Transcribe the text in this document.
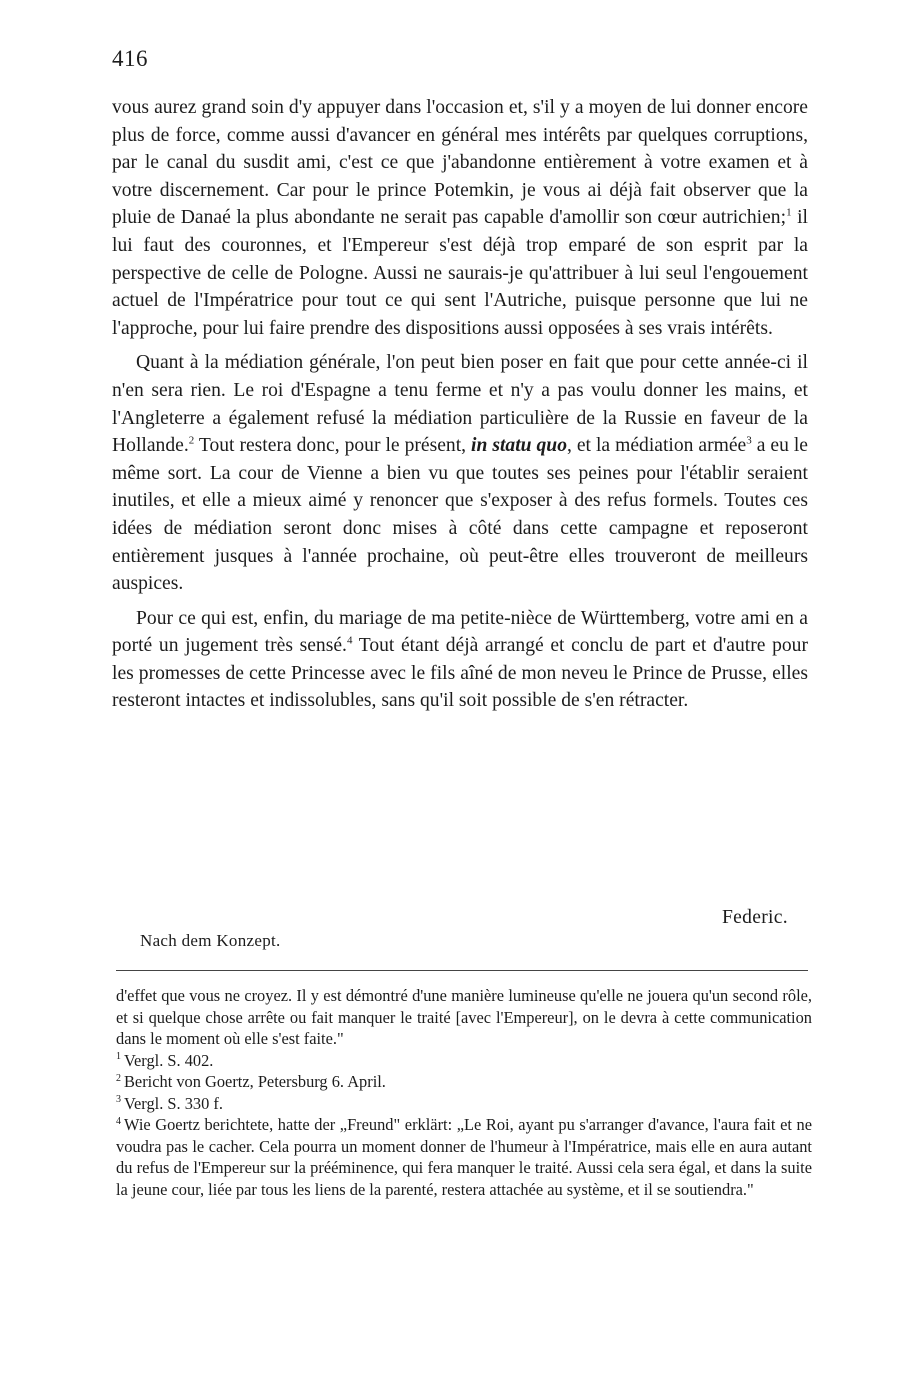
416

vous aurez grand soin d'y appuyer dans l'occasion et, s'il y a moyen de lui donner encore plus de force, comme aussi d'avancer en général mes intérêts par quelques corruptions, par le canal du susdit ami, c'est ce que j'abandonne entièrement à votre examen et à votre discernement. Car pour le prince Potemkin, je vous ai déjà fait observer que la pluie de Danaé la plus abondante ne serait pas capable d'amollir son cœur autrichien;$^1$ il lui faut des couronnes, et l'Empereur s'est déjà trop emparé de son esprit par la perspective de celle de Pologne. Aussi ne saurais-je qu'attribuer à lui seul l'engouement actuel de l'Impératrice pour tout ce qui sent l'Autriche, puisque personne que lui ne l'approche, pour lui faire prendre des dispositions aussi opposées à ses vrais intérêts.

Quant à la médiation générale, l'on peut bien poser en fait que pour cette année-ci il n'en sera rien. Le roi d'Espagne a tenu ferme et n'y a pas voulu donner les mains, et l'Angleterre a également refusé la médiation particulière de la Russie en faveur de la Hollande.$^2$ Tout restera donc, pour le présent, in statu quo, et la médiation armée$^3$ a eu le même sort. La cour de Vienne a bien vu que toutes ses peines pour l'établir seraient inutiles, et elle a mieux aimé y renoncer que s'exposer à des refus formels. Toutes ces idées de médiation seront donc mises à côté dans cette campagne et reposeront entièrement jusques à l'année prochaine, où peut-être elles trouveront de meilleurs auspices.

Pour ce qui est, enfin, du mariage de ma petite-nièce de Württemberg, votre ami en a porté un jugement très sensé.$^4$ Tout étant déjà arrangé et conclu de part et d'autre pour les promesses de cette Princesse avec le fils aîné de mon neveu le Prince de Prusse, elles resteront intactes et indissolubles, sans qu'il soit possible de s'en rétracter.

Federic.
Nach dem Konzept.

d'effet que vous ne croyez. Il y est démontré d'une manière lumineuse qu'elle ne jouera qu'un second rôle, et si quelque chose arrête ou fait manquer le traité [avec l'Empereur], on le devra à cette communication dans le moment où elle s'est faite."

$^1$ Vergl. S. 402.

$^2$ Bericht von Goertz, Petersburg 6. April.

$^3$ Vergl. S. 330 f.

$^4$ Wie Goertz berichtete, hatte der „Freund" erklärt: „Le Roi, ayant pu s'arranger d'avance, l'aura fait et ne voudra pas le cacher. Cela pourra un moment donner de l'humeur à l'Impératrice, mais elle en aura autant du refus de l'Empereur sur la prééminence, qui fera manquer le traité. Aussi cela sera égal, et dans la suite la jeune cour, liée par tous les liens de la parenté, restera attachée au système, et il se soutiendra."
